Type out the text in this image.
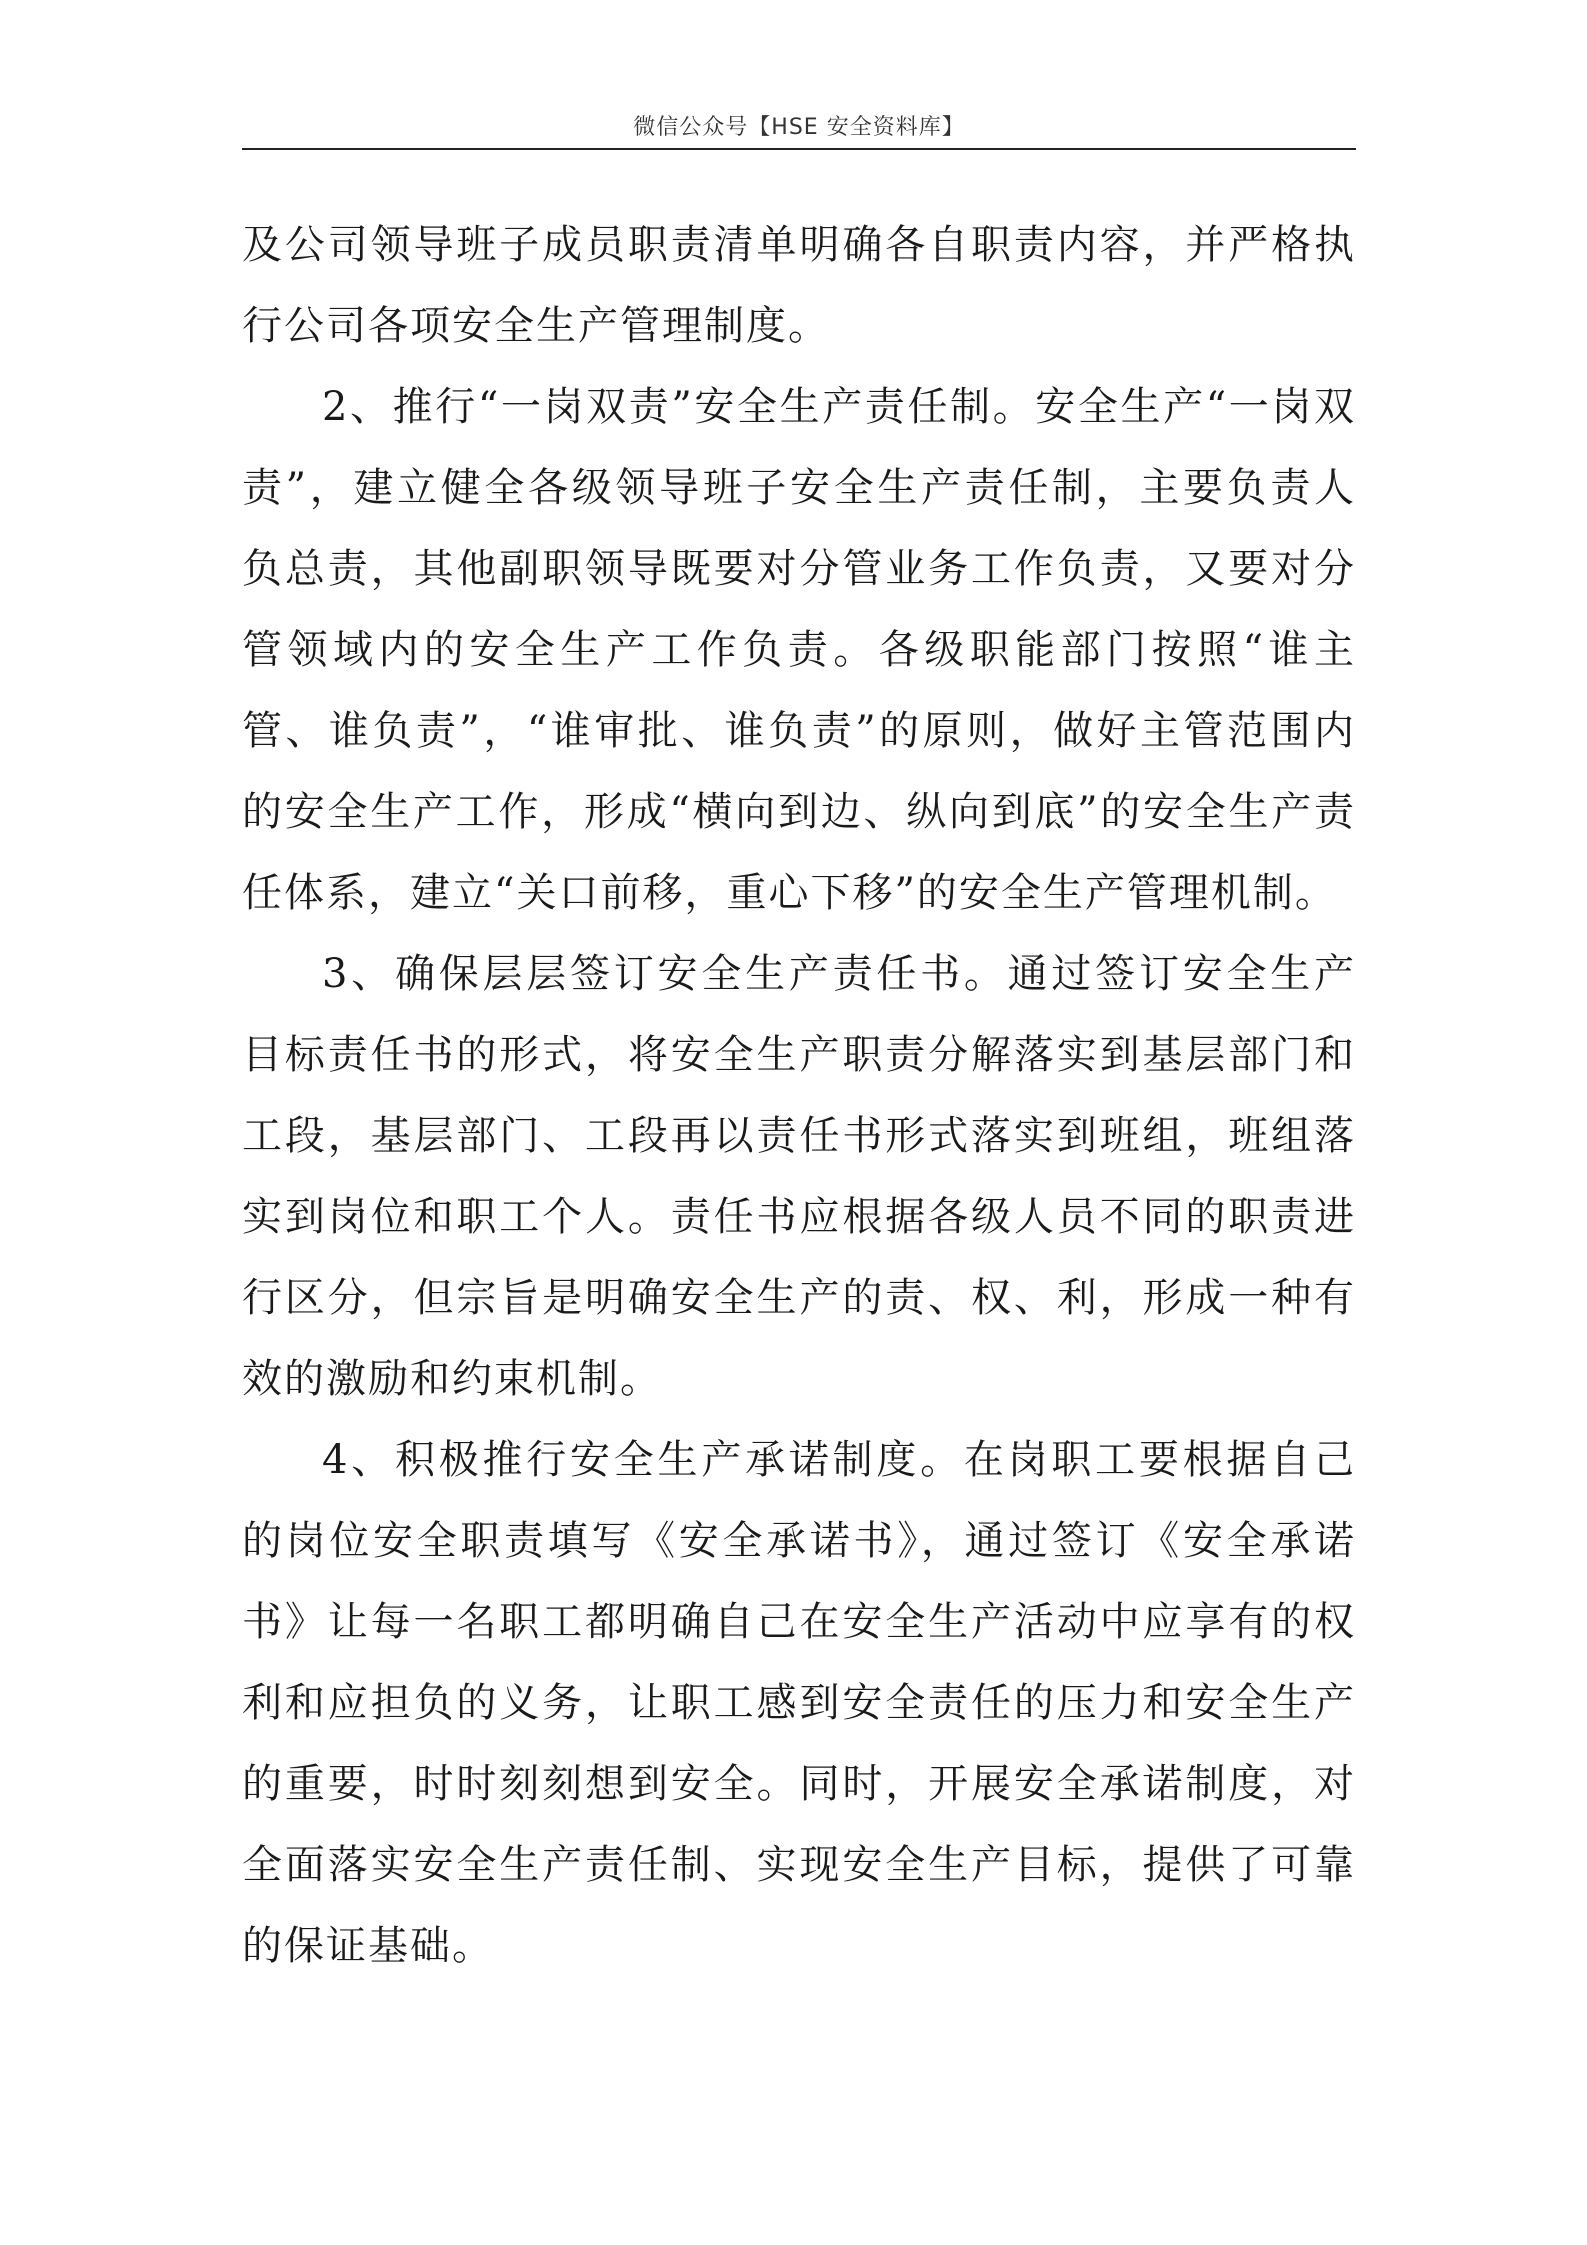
微信公众号【HSE 安全资料库】

及公司领导班子成员职责清单明确各自职责内容，并严格执行公司各项安全生产管理制度。

2、推行“一岗双责”安全生产责任制。安全生产“一岗双责”，建立健全各级领导班子安全生产责任制，主要负责人负总责，其他副职领导既要对分管业务工作负责，又要对分管领域内的安全生产工作负责。各级职能部门按照“谁主管、谁负责”，“谁审批、谁负责”的原则，做好主管范围内的安全生产工作，形成“横向到边、纵向到底”的安全生产责任体系，建立“关口前移，重心下移”的安全生产管理机制。

3、确保层层签订安全生产责任书。通过签订安全生产目标责任书的形式，将安全生产职责分解落实到基层部门和工段，基层部门、工段再以责任书形式落实到班组，班组落实到岗位和职工个人。责任书应根据各级人员不同的职责进行区分，但宗旨是明确安全生产的责、权、利，形成一种有效的激励和约束机制。

4、积极推行安全生产承诺制度。在岗职工要根据自己的岗位安全职责填写《安全承诺书》，通过签订《安全承诺书》让每一名职工都明确自己在安全生产活动中应享有的权利和应担负的义务，让职工感到安全责任的压力和安全生产的重要，时时刻刻想到安全。同时，开展安全承诺制度，对全面落实安全生产责任制、实现安全生产目标，提供了可靠的保证基础。
